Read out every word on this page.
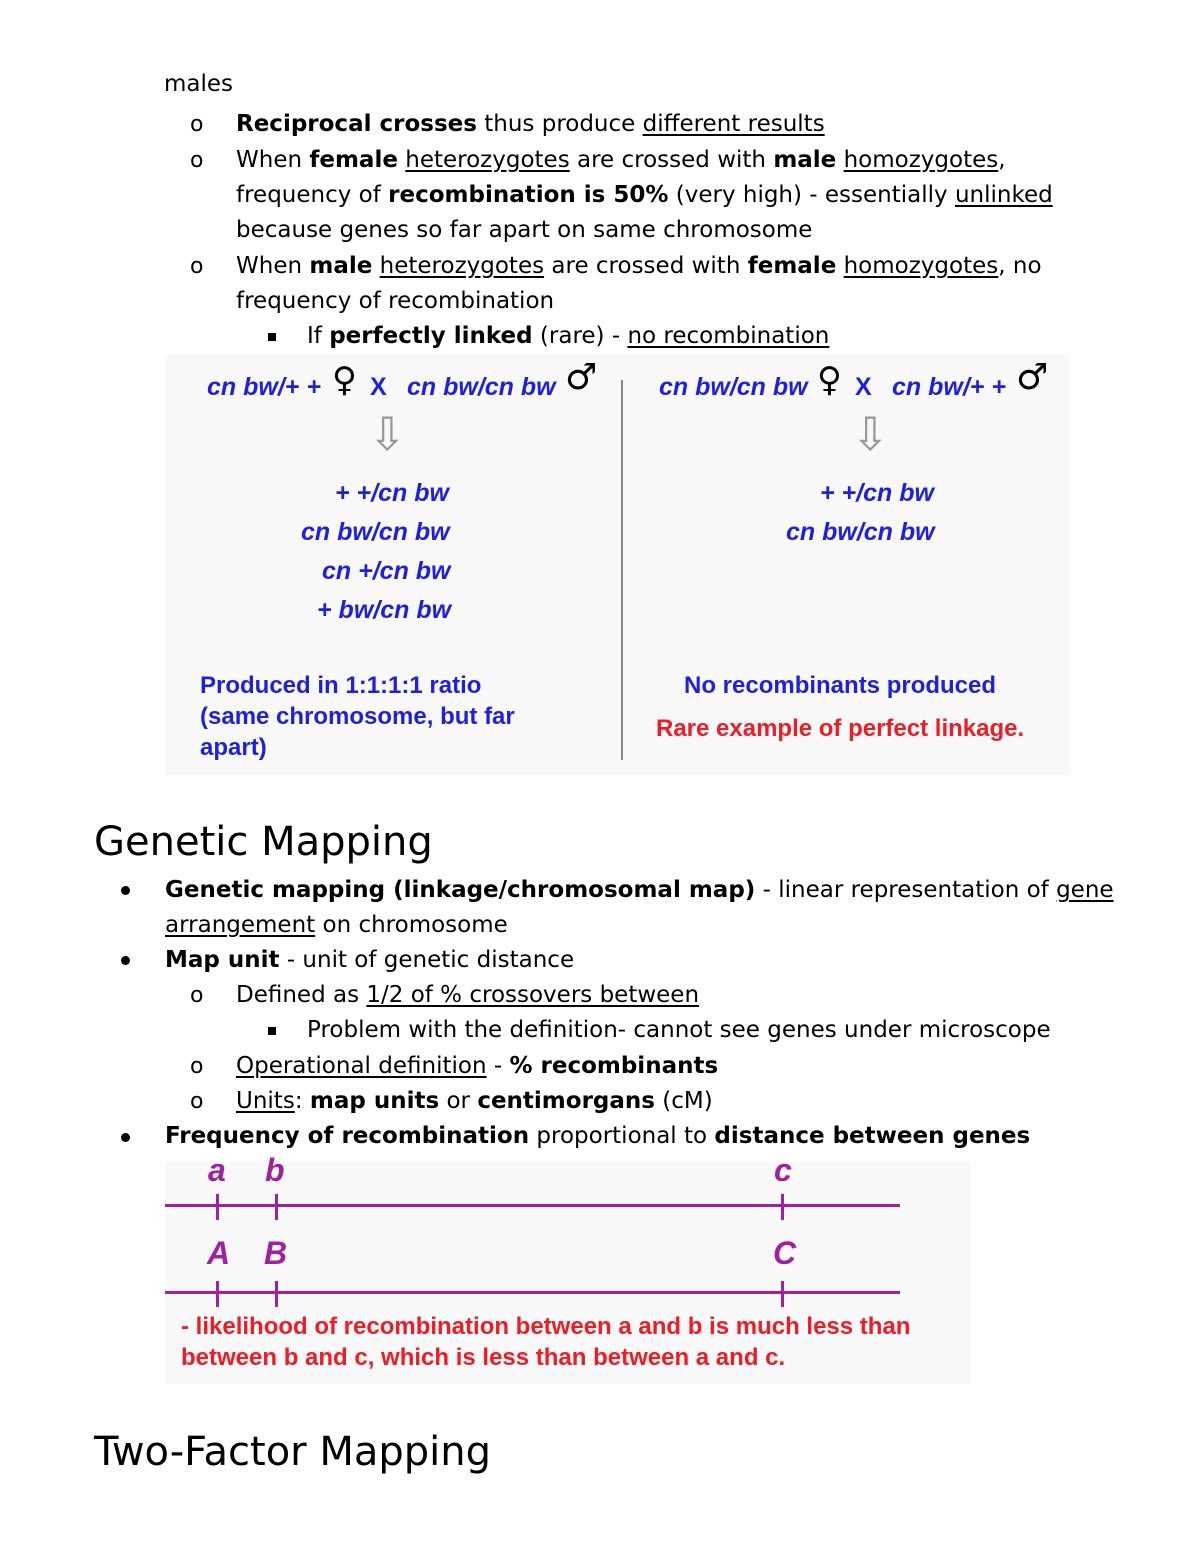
males
o Reciprocal crosses thus produce different results
o When female heterozygotes are crossed with male homozygotes,
frequency of recombination is 50% (very high) - essentially unlinked
because genes so far apart on same chromosome
o When male heterozygotes are crossed with female homozygotes, no
frequency of recombination
If perfectly linked (rare) - no recombination
cn bw/+ + ♀ X cn bw/cn bw ♂
⇩
+ +/cn bw
cn bw/cn bw
cn +/cn bw
+ bw/cn bw
Produced in 1:1:1:1 ratio
(same chromosome, but far
apart)
cn bw/cn bw ♀ X cn bw/+ + ♂
⇩
+ +/cn bw
cn bw/cn bw
No recombinants produced
Rare example of perfect linkage.
Genetic Mapping
Genetic mapping (linkage/chromosomal map) - linear representation of gene
arrangement on chromosome
Map unit - unit of genetic distance
o Defined as 1/2 of % crossovers between
Problem with the definition- cannot see genes under microscope
o Operational definition - % recombinants
o Units: map units or centimorgans (cM)
Frequency of recombination proportional to distance between genes
a b	c
A B	C
- likelihood of recombination between a and b is much less than
between b and c, which is less than between a and c.
Two-Factor Mapping
